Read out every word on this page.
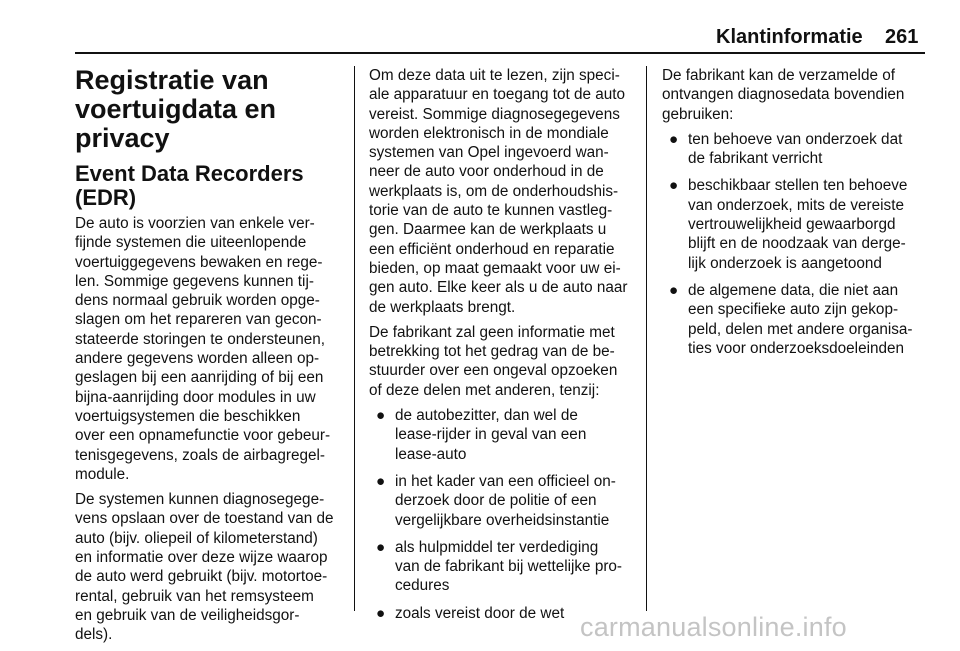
Klantinformatie 261
Registratie van
voertuigdata en privacy
Event Data Recorders
(EDR)

De auto is voorzien van enkele ver-
fijnde systemen die uiteenlopende
voertuiggegevens bewaken en rege-
len. Sommige gegevens kunnen tij-
dens normaal gebruik worden opge-
slagen om het repareren van gecon-
stateerde storingen te ondersteunen,
andere gegevens worden alleen op-
geslagen bij een aanrijding of bij een
bijna-aanrijding door modules in uw
voertuigsystemen die beschikken
over een opnamefunctie voor gebeur-
tenisgegevens, zoals de airbagregel-
module.

De systemen kunnen diagnosegege-
vens opslaan over de toestand van de
auto (bijv. oliepeil of kilometerstand)
en informatie over deze wijze waarop
de auto werd gebruikt (bijv. motortoe-
rental, gebruik van het remsysteem
en gebruik van de veiligheidsgor-
dels).

Om deze data uit te lezen, zijn speci-
ale apparatuur en toegang tot de auto
vereist. Sommige diagnosegegevens
worden elektronisch in de mondiale
systemen van Opel ingevoerd wan-
neer de auto voor onderhoud in de
werkplaats is, om de onderhoudshis-
torie van de auto te kunnen vastleg-
gen. Daarmee kan de werkplaats u
een efficiënt onderhoud en reparatie
bieden, op maat gemaakt voor uw ei-
gen auto. Elke keer als u de auto naar
de werkplaats brengt.

De fabrikant zal geen informatie met
betrekking tot het gedrag van de be-
stuurder over een ongeval opzoeken
of deze delen met anderen, tenzij:

● de autobezitter, dan wel de
lease-rijder in geval van een
lease-auto
● in het kader van een officieel on-
derzoek door de politie of een
vergelijkbare overheidsinstantie
● als hulpmiddel ter verdediging
van de fabrikant bij wettelijke pro-
cedures
● zoals vereist door de wet

De fabrikant kan de verzamelde of
ontvangen diagnosedata bovendien
gebruiken:

● ten behoeve van onderzoek dat
de fabrikant verricht
● beschikbaar stellen ten behoeve
van onderzoek, mits de vereiste
vertrouwelijkheid gewaarborgd
blijft en de noodzaak van derge-
lijk onderzoek is aangetoond
● de algemene data, die niet aan
een specifieke auto zijn gekop-
peld, delen met andere organisa-
ties voor onderzoeksdoeleinden
carmanualsonline.info
